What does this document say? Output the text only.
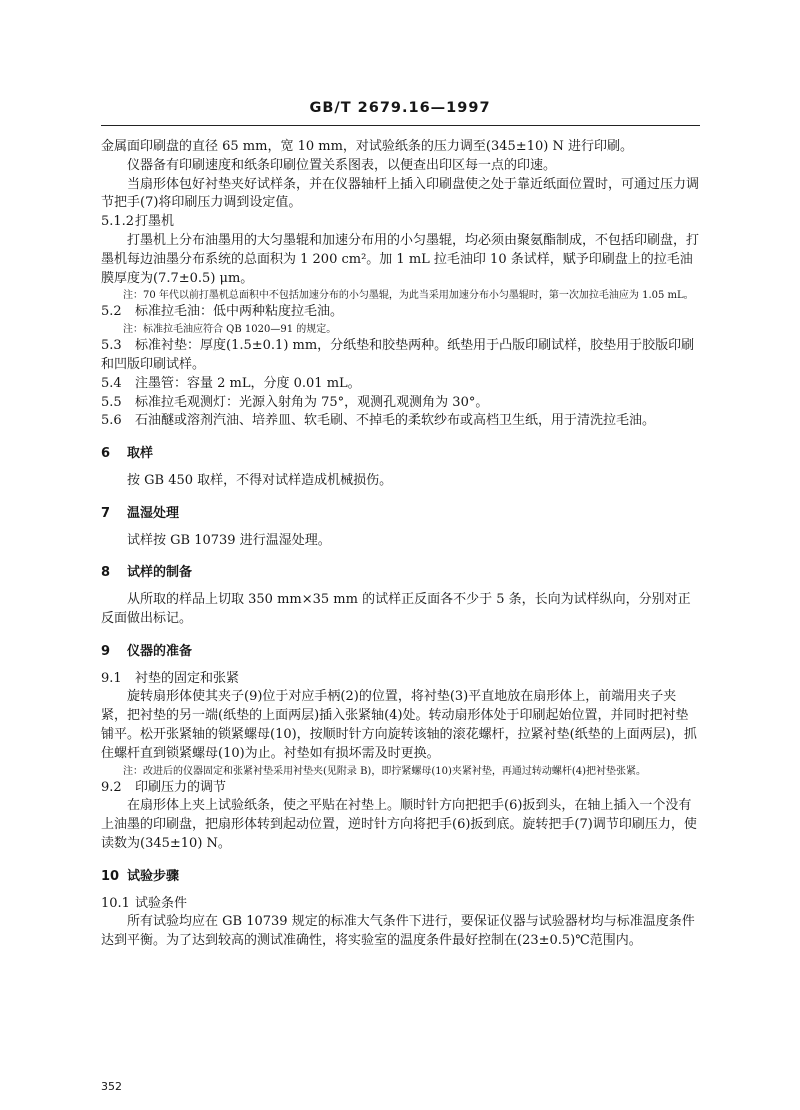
GB/T 2679.16—1997

金属面印刷盘的直径 65 mm，宽 10 mm，对试验纸条的压力调至(345±10) N 进行印刷。

仪器备有印刷速度和纸条印刷位置关系图表，以便查出印区每一点的印速。

当扇形体包好衬垫夹好试样条，并在仪器轴杆上插入印刷盘使之处于靠近纸面位置时，可通过压力调节把手(7)将印刷压力调到设定值。

5.1.2打墨机

打墨机上分布油墨用的大匀墨辊和加速分布用的小匀墨辊，均必须由聚氨酯制成，不包括印刷盘，打墨机每边油墨分布系统的总面积为 1 200 cm²。加 1 mL 拉毛油印 10 条试样，赋予印刷盘上的拉毛油膜厚度为(7.7±0.5) μm。

注：70 年代以前打墨机总面积中不包括加速分布的小匀墨辊，为此当采用加速分布小匀墨辊时，第一次加拉毛油应为 1.05 mL。

5.2 标准拉毛油：低中两种粘度拉毛油。

注：标准拉毛油应符合 QB 1020—91 的规定。

5.3 标准衬垫：厚度(1.5±0.1) mm，分纸垫和胶垫两种。纸垫用于凸版印刷试样，胶垫用于胶版印刷和凹版印刷试样。

5.4 注墨管：容量 2 mL，分度 0.01 mL。

5.5 标准拉毛观测灯：光源入射角为 75°，观测孔观测角为 30°。

5.6 石油醚或溶剂汽油、培养皿、软毛刷、不掉毛的柔软纱布或高档卫生纸，用于清洗拉毛油。

6 取样

按 GB 450 取样，不得对试样造成机械损伤。

7 温湿处理

试样按 GB 10739 进行温湿处理。

8 试样的制备

从所取的样品上切取 350 mm×35 mm 的试样正反面各不少于 5 条，长向为试样纵向，分别对正反面做出标记。

9 仪器的准备

9.1 衬垫的固定和张紧

旋转扇形体使其夹子(9)位于对应手柄(2)的位置，将衬垫(3)平直地放在扇形体上，前端用夹子夹紧，把衬垫的另一端(纸垫的上面两层)插入张紧轴(4)处。转动扇形体处于印刷起始位置，并同时把衬垫铺平。松开张紧轴的锁紧螺母(10)，按顺时针方向旋转该轴的滚花螺杆，拉紧衬垫(纸垫的上面两层)，抓住螺杆直到锁紧螺母(10)为止。衬垫如有损坏需及时更换。

注：改进后的仪器固定和张紧衬垫采用衬垫夹(见附录 B)，即拧紧螺母(10)夹紧衬垫，再通过转动螺杆(4)把衬垫张紧。

9.2 印刷压力的调节

在扇形体上夹上试验纸条，使之平贴在衬垫上。顺时针方向把把手(6)扳到头，在轴上插入一个没有上油墨的印刷盘，把扇形体转到起动位置，逆时针方向将把手(6)扳到底。旋转把手(7)调节印刷压力，使读数为(345±10) N。

10 试验步骤

10.1 试验条件

所有试验均应在 GB 10739 规定的标准大气条件下进行，要保证仪器与试验器材均与标准温度条件达到平衡。为了达到较高的测试准确性，将实验室的温度条件最好控制在(23±0.5)℃范围内。

352
